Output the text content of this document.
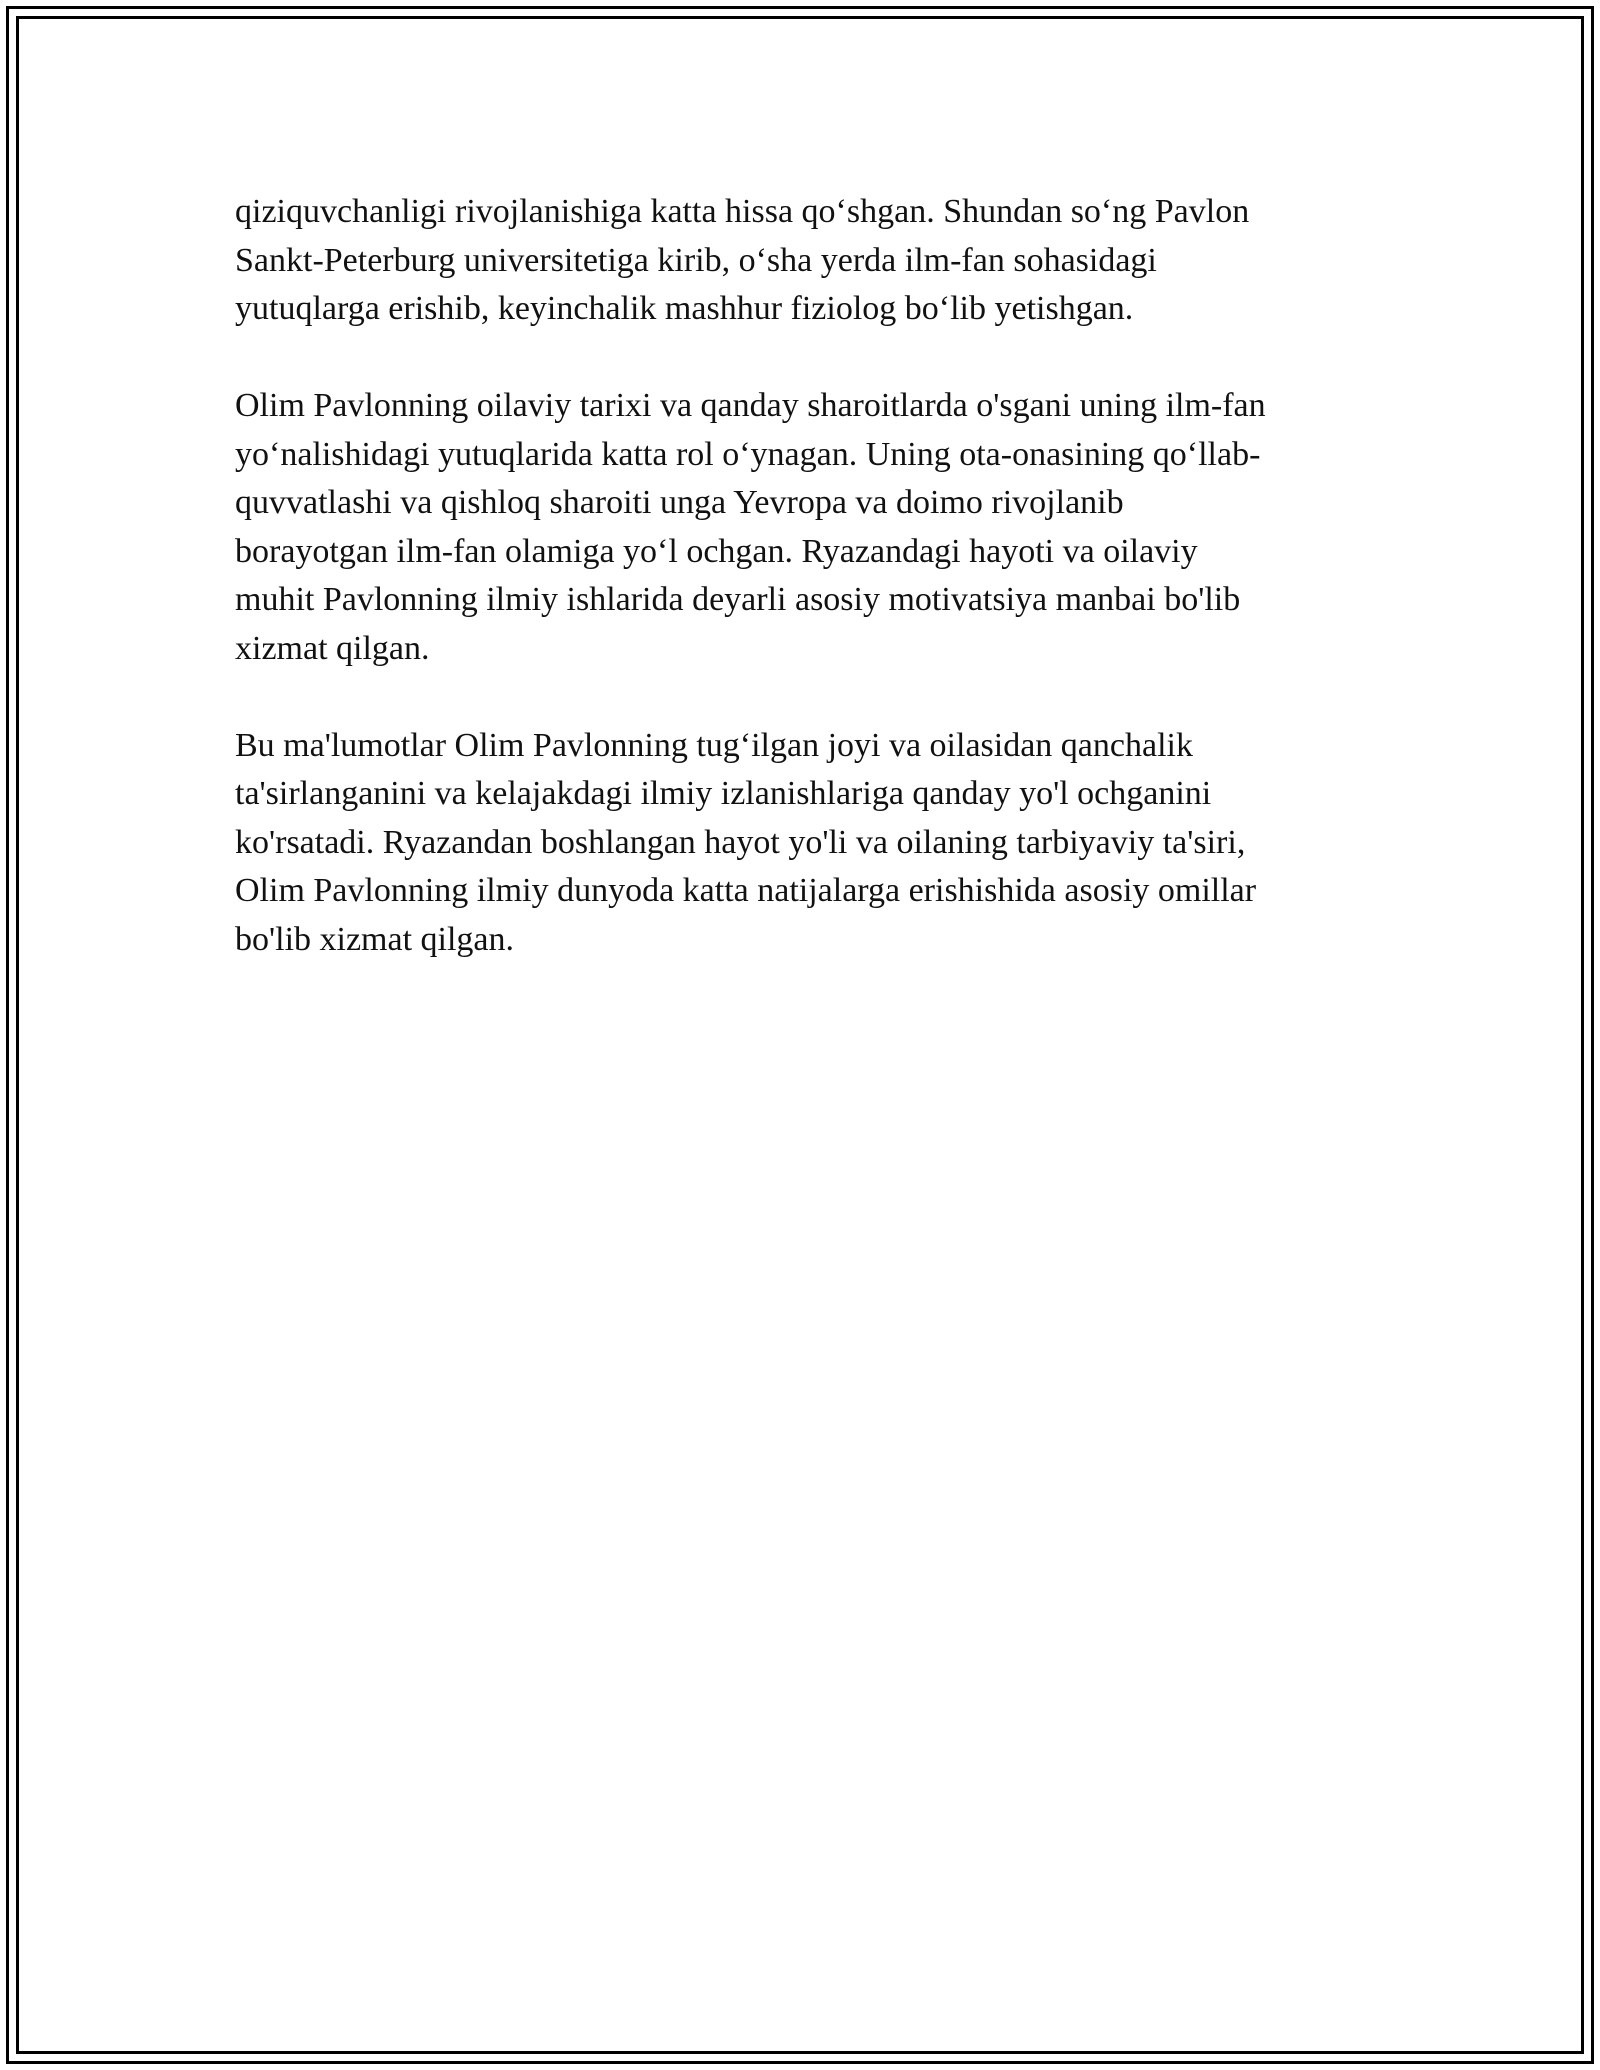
qiziquvchanligi rivojlanishiga katta hissa qo‘shgan. Shundan so‘ng Pavlon
Sankt-Peterburg universitetiga kirib, o‘sha yerda ilm-fan sohasidagi
yutuqlarga erishib, keyinchalik mashhur fiziolog bo‘lib yetishgan.

Olim Pavlonning oilaviy tarixi va qanday sharoitlarda o'sgani uning ilm-fan
yo‘nalishidagi yutuqlarida katta rol o‘ynagan. Uning ota-onasining qo‘llab-
quvvatlashi va qishloq sharoiti unga Yevropa va doimo rivojlanib
borayotgan ilm-fan olamiga yo‘l ochgan. Ryazandagi hayoti va oilaviy
muhit Pavlonning ilmiy ishlarida deyarli asosiy motivatsiya manbai bo'lib
xizmat qilgan.

Bu ma'lumotlar Olim Pavlonning tug‘ilgan joyi va oilasidan qanchalik
ta'sirlanganini va kelajakdagi ilmiy izlanishlariga qanday yo'l ochganini
ko'rsatadi. Ryazandan boshlangan hayot yo'li va oilaning tarbiyaviy ta'siri,
Olim Pavlonning ilmiy dunyoda katta natijalarga erishishida asosiy omillar
bo'lib xizmat qilgan.
